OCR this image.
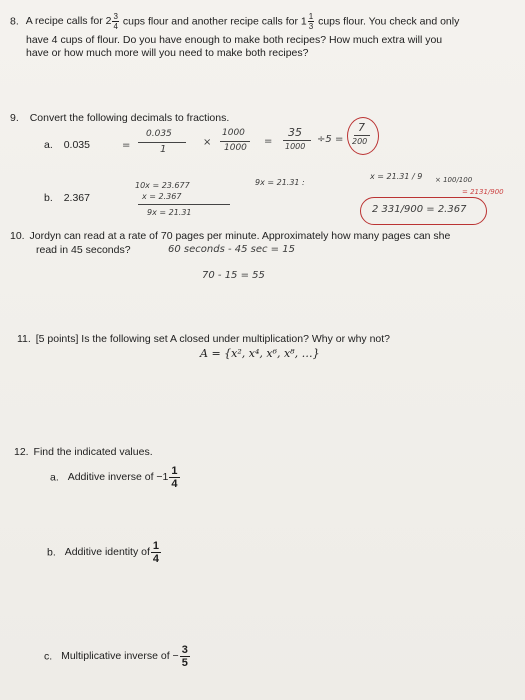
8. A recipe calls for $2 \frac{3}{4}$ cups flour and another recipe calls for $1 \frac{1}{3}$ cups flour. You check and only
have 4 cups of flour. Do you have enough to make both recipes? How much extra will you
have or how much more will you need to make both recipes?
9. Convert the following decimals to fractions.
a. 0.035	=
0.035
1
×
1000
1000
=
35
1000
÷5 =
7
200
b. 2.367
10x = 23.677
x = 2.367
9x = 21.31
9x = 21.31 :
x = 21.31 / 9 × 100/100
= 2131/900
2 331/900 = 2.367
10. Jordyn can read at a rate of 70 pages per minute. Approximately how many pages can she
read in 45 seconds?	60 seconds - 45 sec = 15
70 - 15 = 55
11. [5 points] Is the following set A closed under multiplication? Why or why not?
A = {x², x⁴, x⁶, x⁸, …}
12. Find the indicated values.
a. Additive inverse of $-1 \frac{1}{4}$
b. Additive identity of $\frac{1}{4}$
c. Multiplicative inverse of − $\frac{3}{5}$
